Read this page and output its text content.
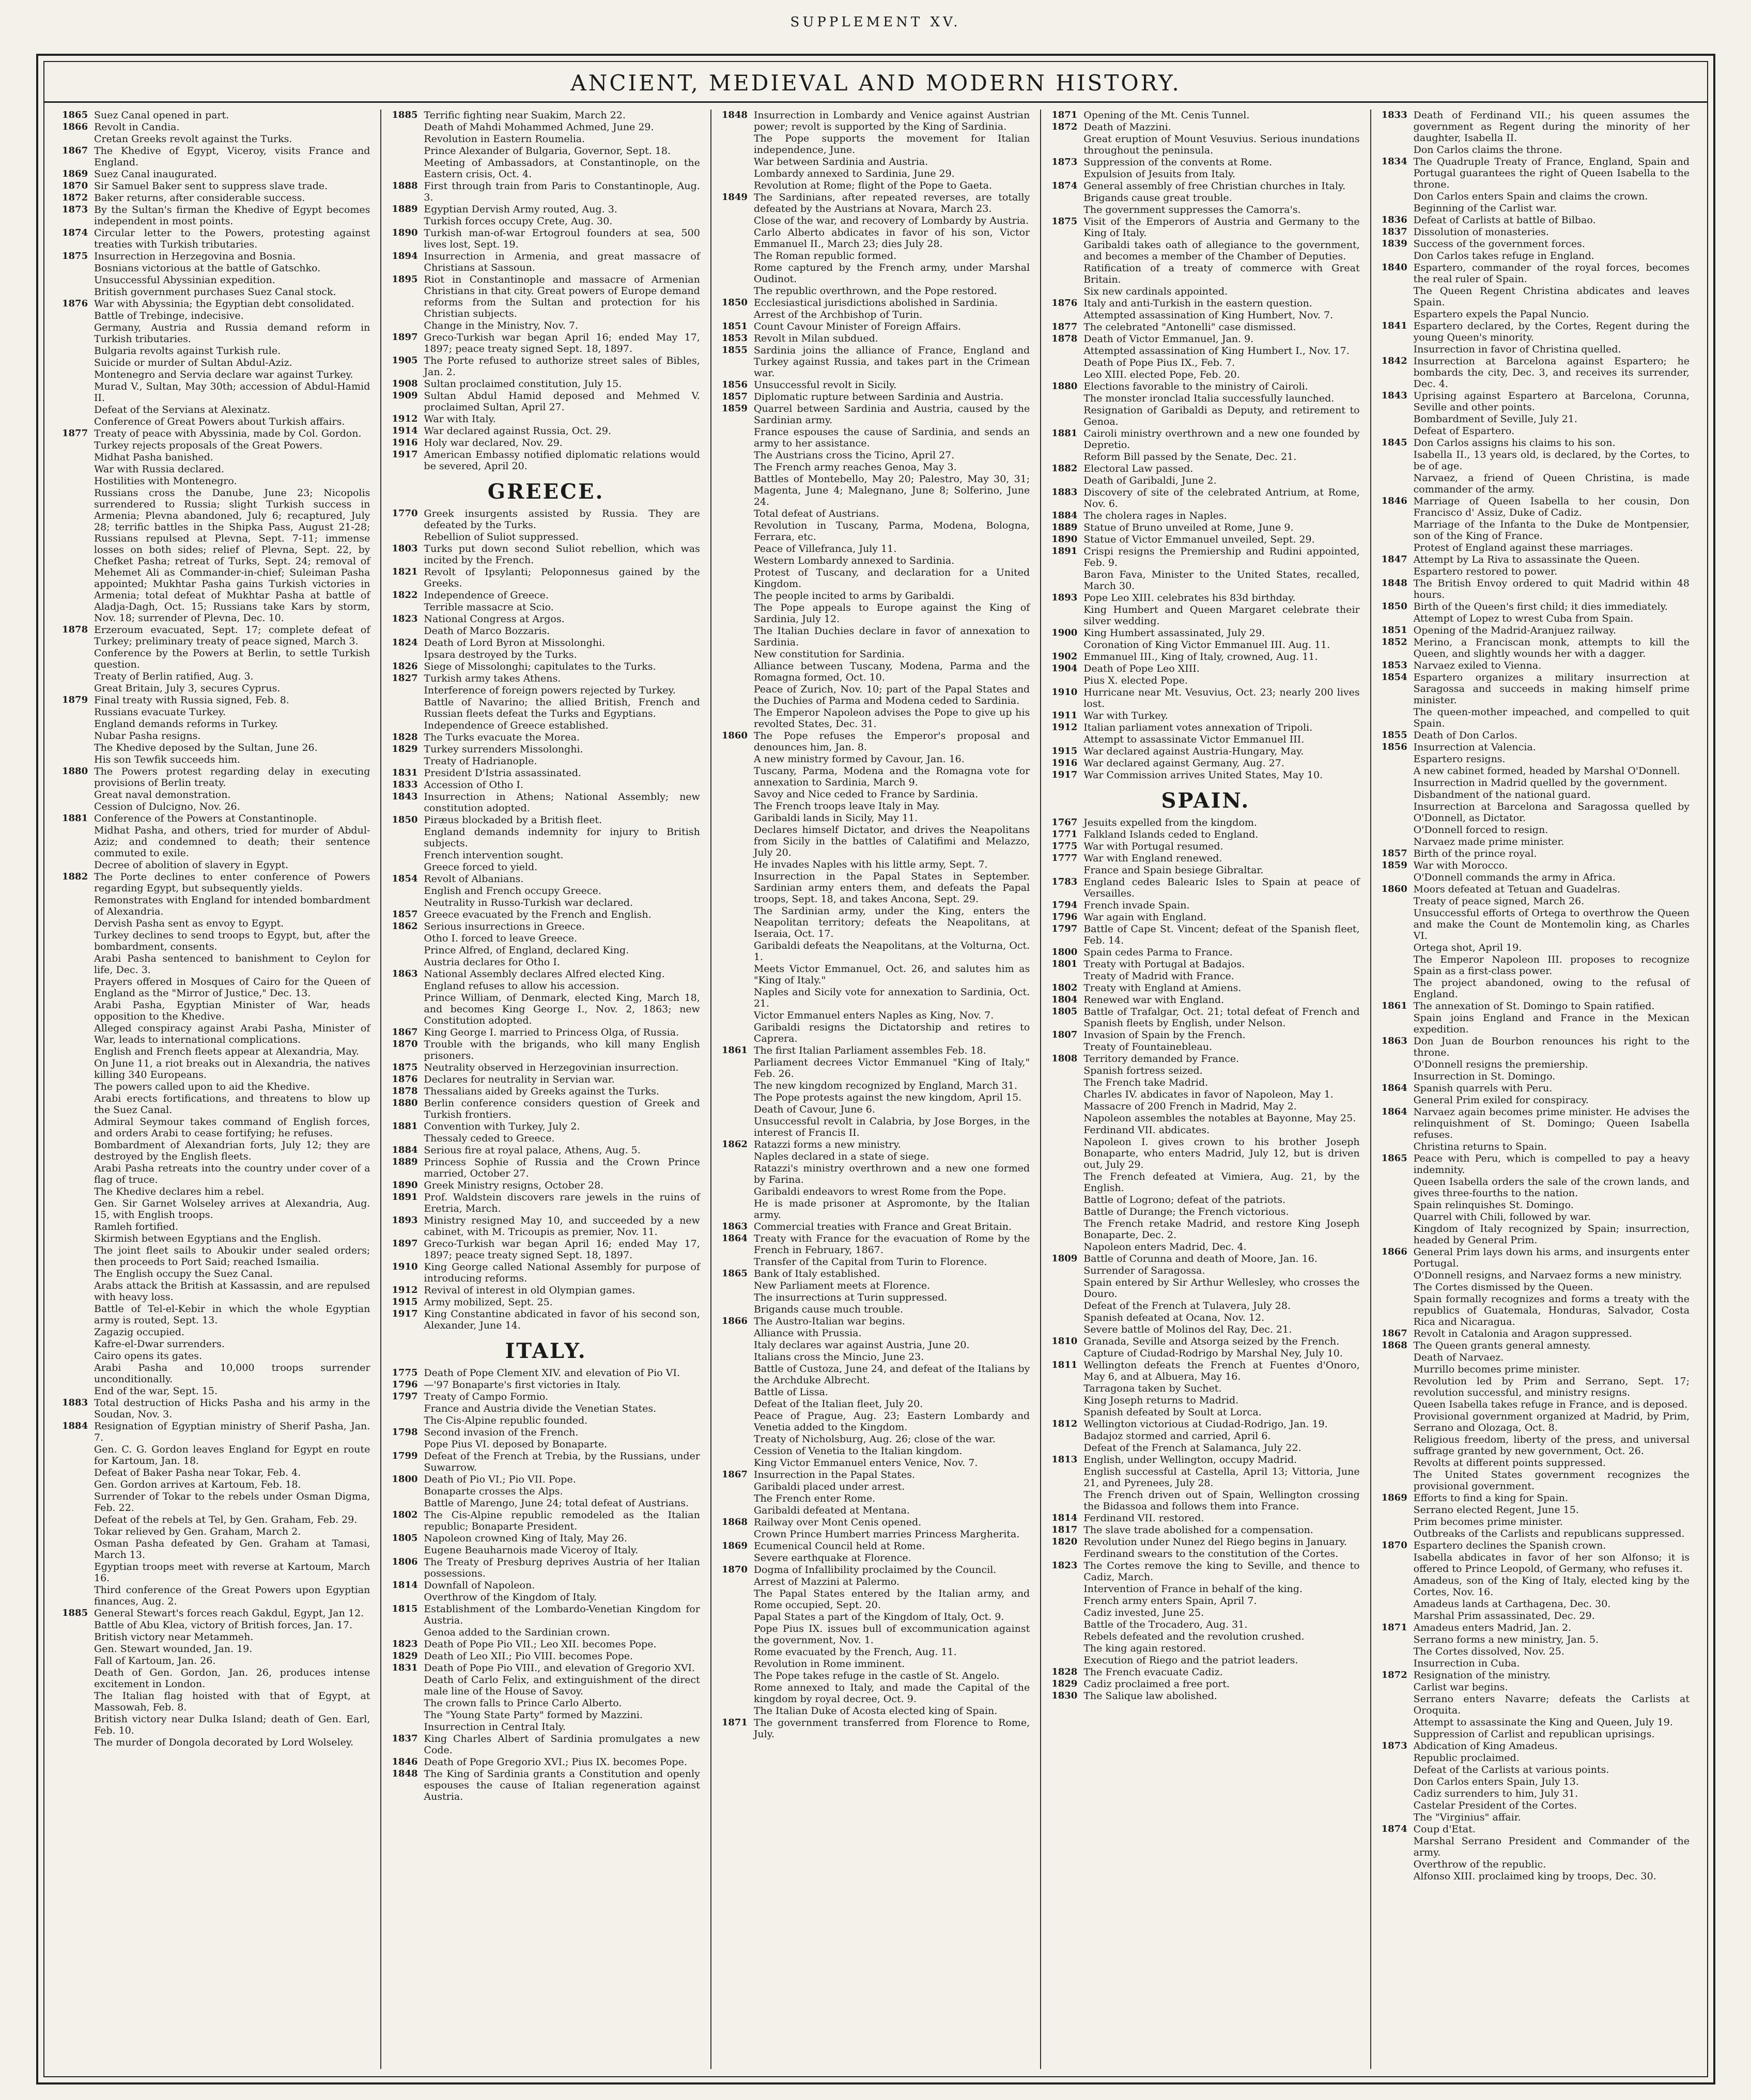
SUPPLEMENT XV.
ANCIENT, MEDIEVAL AND MODERN HISTORY.
1865 Suez Canal opened in part.
1866 Revolt in Candia.
Cretan Greeks revolt against the Turks.
1867 The Khedive of Egypt, Viceroy, visits France and England.
1869 Suez Canal inaugurated.
1870 Sir Samuel Baker sent to suppress slave trade.
1872 Baker returns, after considerable success.
1873 By the Sultan's firman the Khedive of Egypt becomes independent in most points.
1874 Circular letter to the Powers, protesting against treaties with Turkish tributaries.
1875 Insurrection in Herzegovina and Bosnia.
Bosnians victorious at the battle of Gatschko.
Unsuccessful Abyssinian expedition.
British government purchases Suez Canal stock.
1876 War with Abyssinia; the Egyptian debt consolidated.
Battle of Trebinge, indecisive.
Germany, Austria and Russia demand reform in Turkish tributaries.
Bulgaria revolts against Turkish rule.
Suicide or murder of Sultan Abdul-Aziz.
Montenegro and Servia declare war against Turkey.
Murad V., Sultan, May 30th; accession of Abdul-Hamid II.
Defeat of the Servians at Alexinatz.
Conference of Great Powers about Turkish affairs.
1877 Treaty of peace with Abyssinia, made by Col. Gordon.
Turkey rejects proposals of the Great Powers.
Midhat Pasha banished.
War with Russia declared.
Hostilities with Montenegro.
Russians cross the Danube, June 23; Nicopolis surrendered to Russia; slight Turkish success in Armenia; Plevna abandoned, July 6; recaptured, July 28; terrific battles in the Shipka Pass, August 21-28; Russians repulsed at Plevna, Sept. 7-11; immense losses on both sides; relief of Plevna, Sept. 22, by Chefket Pasha; retreat of Turks, Sept. 24; removal of Mehemet Ali as Commander-in-chief; Suleiman Pasha appointed; Mukhtar Pasha gains Turkish victories in Armenia; total defeat of Mukhtar Pasha at battle of Aladja-Dagh, Oct. 15; Russians take Kars by storm, Nov. 18; surrender of Plevna, Dec. 10.
1878 Erzeroum evacuated, Sept. 17; complete defeat of Turkey; preliminary treaty of peace signed, March 3.
Conference by the Powers at Berlin, to settle Turkish question.
Treaty of Berlin ratified, Aug. 3.
Great Britain, July 3, secures Cyprus.
1879 Final treaty with Russia signed, Feb. 8.
Russians evacuate Turkey.
England demands reforms in Turkey.
Nubar Pasha resigns.
The Khedive deposed by the Sultan, June 26.
His son Tewfik succeeds him.
1880 The Powers protest regarding delay in executing provisions of Berlin treaty.
Great naval demonstration.
Cession of Dulcigno, Nov. 26.
1881 Conference of the Powers at Constantinople.
Midhat Pasha, and others, tried for murder of Abdul-Aziz; and condemned to death; their sentence commuted to exile.
Decree of abolition of slavery in Egypt.
1882 The Porte declines to enter conference of Powers regarding Egypt, but subsequently yields.
Remonstrates with England for intended bombardment of Alexandria.
Dervish Pasha sent as envoy to Egypt.
Turkey declines to send troops to Egypt, but, after the bombardment, consents.
Arabi Pasha sentenced to banishment to Ceylon for life, Dec. 3.
Prayers offered in Mosques of Cairo for the Queen of England as the "Mirror of Justice," Dec. 13.
Arabi Pasha, Egyptian Minister of War, heads opposition to the Khedive.
Alleged conspiracy against Arabi Pasha, Minister of War, leads to international complications.
English and French fleets appear at Alexandria, May.
On June 11, a riot breaks out in Alexandria, the natives killing 340 Europeans.
The powers called upon to aid the Khedive.
Arabi erects fortifications, and threatens to blow up the Suez Canal.
Admiral Seymour takes command of English forces, and orders Arabi to cease fortifying; he refuses.
Bombardment of Alexandrian forts, July 12; they are destroyed by the English fleets.
Arabi Pasha retreats into the country under cover of a flag of truce.
The Khedive declares him a rebel.
Gen. Sir Garnet Wolseley arrives at Alexandria, Aug. 15, with English troops.
Ramleh fortified.
Skirmish between Egyptians and the English.
The joint fleet sails to Aboukir under sealed orders; then proceeds to Port Said; reached Ismailia.
The English occupy the Suez Canal.
Arabs attack the British at Kassassin, and are repulsed with heavy loss.
Battle of Tel-el-Kebir in which the whole Egyptian army is routed, Sept. 13.
Zagazig occupied.
Kafre-el-Dwar surrenders.
Cairo opens its gates.
Arabi Pasha and 10,000 troops surrender unconditionally.
End of the war, Sept. 15.
1883 Total destruction of Hicks Pasha and his army in the Soudan, Nov. 3.
1884 Resignation of Egyptian ministry of Sherif Pasha, Jan. 7.
Gen. C. G. Gordon leaves England for Egypt en route for Kartoum, Jan. 18.
Defeat of Baker Pasha near Tokar, Feb. 4.
Gen. Gordon arrives at Kartoum, Feb. 18.
Surrender of Tokar to the rebels under Osman Digma, Feb. 22.
Defeat of the rebels at Tel, by Gen. Graham, Feb. 29.
Tokar relieved by Gen. Graham, March 2.
Osman Pasha defeated by Gen. Graham at Tamasi, March 13.
Egyptian troops meet with reverse at Kartoum, March 16.
Third conference of the Great Powers upon Egyptian finances, Aug. 2.
1885 General Stewart's forces reach Gakdul, Egypt, Jan 12.
Battle of Abu Klea, victory of British forces, Jan. 17.
British victory near Metammeh.
Gen. Stewart wounded, Jan. 19.
Fall of Kartoum, Jan. 26.
Death of Gen. Gordon, Jan. 26, produces intense excitement in London.
The Italian flag hoisted with that of Egypt, at Massowah, Feb. 8.
British victory near Dulka Island; death of Gen. Earl, Feb. 10.
The murder of Dongola decorated by Lord Wolseley.
1885 Terrific fighting near Suakim, March 22.
Death of Mahdi Mohammed Achmed, June 29.
Revolution in Eastern Roumelia.
Prince Alexander of Bulgaria, Governor, Sept. 18.
Meeting of Ambassadors, at Constantinople, on the Eastern crisis, Oct. 4.
1888 First through train from Paris to Constantinople, Aug. 3.
1889 Egyptian Dervish Army routed, Aug. 3.
Turkish forces occupy Crete, Aug. 30.
1890 Turkish man-of-war Ertogroul founders at sea, 500 lives lost, Sept. 19.
1894 Insurrection in Armenia, and great massacre of Christians at Sassoun.
1895 Riot in Constantinople and massacre of Armenian Christians in that city. Great powers of Europe demand reforms from the Sultan and protection for his Christian subjects.
Change in the Ministry, Nov. 7.
1897 Greco-Turkish war began April 16; ended May 17, 1897; peace treaty signed Sept. 18, 1897.
1905 The Porte refused to authorize street sales of Bibles, Jan. 2.
1908 Sultan proclaimed constitution, July 15.
1909 Sultan Abdul Hamid deposed and Mehmed V. proclaimed Sultan, April 27.
1912 War with Italy.
1914 War declared against Russia, Oct. 29.
1916 Holy war declared, Nov. 29.
1917 American Embassy notified diplomatic relations would be severed, April 20.
GREECE.
1770 Greek insurgents assisted by Russia. They are defeated by the Turks.
Rebellion of Suliot suppressed.
1803 Turks put down second Suliot rebellion, which was incited by the French.
1821 Revolt of Ipsylanti; Peloponnesus gained by the Greeks.
1822 Independence of Greece.
Terrible massacre at Scio.
1823 National Congress at Argos.
Death of Marco Bozzaris.
1824 Death of Lord Byron at Missolonghi.
Ipsara destroyed by the Turks.
1826 Siege of Missolonghi; capitulates to the Turks.
1827 Turkish army takes Athens.
Interference of foreign powers rejected by Turkey.
Battle of Navarino; the allied British, French and Russian fleets defeat the Turks and Egyptians.
Independence of Greece established.
1828 The Turks evacuate the Morea.
1829 Turkey surrenders Missolonghi.
Treaty of Hadrianople.
1831 President D'Istria assassinated.
1833 Accession of Otho I.
1843 Insurrection in Athens; National Assembly; new constitution adopted.
1850 Piræus blockaded by a British fleet.
England demands indemnity for injury to British subjects.
French intervention sought.
Greece forced to yield.
1854 Revolt of Albanians.
English and French occupy Greece.
Neutrality in Russo-Turkish war declared.
1857 Greece evacuated by the French and English.
1862 Serious insurrections in Greece.
Otho I. forced to leave Greece.
Prince Alfred, of England, declared King.
Austria declares for Otho I.
1863 National Assembly declares Alfred elected King.
England refuses to allow his accession.
Prince William, of Denmark, elected King, March 18, and becomes King George I., Nov. 2, 1863; new Constitution adopted.
1867 King George I. married to Princess Olga, of Russia.
1870 Trouble with the brigands, who kill many English prisoners.
1875 Neutrality observed in Herzegovinian insurrection.
1876 Declares for neutrality in Servian war.
1878 Thessalians aided by Greeks against the Turks.
1880 Berlin conference considers question of Greek and Turkish frontiers.
1881 Convention with Turkey, July 2.
Thessaly ceded to Greece.
1884 Serious fire at royal palace, Athens, Aug. 5.
1889 Princess Sophie of Russia and the Crown Prince married, October 27.
1890 Greek Ministry resigns, October 28.
1891 Prof. Waldstein discovers rare jewels in the ruins of Eretria, March.
1893 Ministry resigned May 10, and succeeded by a new cabinet, with M. Tricoupis as premier, Nov. 11.
1897 Greco-Turkish war began April 16; ended May 17, 1897; peace treaty signed Sept. 18, 1897.
1910 King George called National Assembly for purpose of introducing reforms.
1912 Revival of interest in old Olympian games.
1915 Army mobilized, Sept. 25.
1917 King Constantine abdicated in favor of his second son, Alexander, June 14.
ITALY.
1775 Death of Pope Clement XIV. and elevation of Pio VI.
1796 —'97 Bonaparte's first victories in Italy.
1797 Treaty of Campo Formio.
France and Austria divide the Venetian States.
The Cis-Alpine republic founded.
1798 Second invasion of the French.
Pope Pius VI. deposed by Bonaparte.
1799 Defeat of the French at Trebia, by the Russians, under Suwarrow.
1800 Death of Pio VI.; Pio VII. Pope.
Bonaparte crosses the Alps.
Battle of Marengo, June 24; total defeat of Austrians.
1802 The Cis-Alpine republic remodeled as the Italian republic; Bonaparte President.
1805 Napoleon crowned King of Italy, May 26.
Eugene Beauharnois made Viceroy of Italy.
1806 The Treaty of Presburg deprives Austria of her Italian possessions.
1814 Downfall of Napoleon.
Overthrow of the Kingdom of Italy.
1815 Establishment of the Lombardo-Venetian Kingdom for Austria.
Genoa added to the Sardinian crown.
1823 Death of Pope Pio VII.; Leo XII. becomes Pope.
1829 Death of Leo XII.; Pio VIII. becomes Pope.
1831 Death of Pope Pio VIII., and elevation of Gregorio XVI.
Death of Carlo Felix, and extinguishment of the direct male line of the House of Savoy.
The crown falls to Prince Carlo Alberto.
The "Young State Party" formed by Mazzini.
Insurrection in Central Italy.
1837 King Charles Albert of Sardinia promulgates a new Code.
1846 Death of Pope Gregorio XVI.; Pius IX. becomes Pope.
1848 The King of Sardinia grants a Constitution and openly espouses the cause of Italian regeneration against Austria.
1848 Insurrection in Lombardy and Venice against Austrian power; revolt is supported by the King of Sardinia.
The Pope supports the movement for Italian independence, June.
War between Sardinia and Austria.
Lombardy annexed to Sardinia, June 29.
Revolution at Rome; flight of the Pope to Gaeta.
1849 The Sardinians, after repeated reverses, are totally defeated by the Austrians at Novara, March 23.
Close of the war, and recovery of Lombardy by Austria.
Carlo Alberto abdicates in favor of his son, Victor Emmanuel II., March 23; dies July 28.
The Roman republic formed.
Rome captured by the French army, under Marshal Oudinot.
The republic overthrown, and the Pope restored.
1850 Ecclesiastical jurisdictions abolished in Sardinia.
Arrest of the Archbishop of Turin.
1851 Count Cavour Minister of Foreign Affairs.
1853 Revolt in Milan subdued.
1855 Sardinia joins the alliance of France, England and Turkey against Russia, and takes part in the Crimean war.
1856 Unsuccessful revolt in Sicily.
1857 Diplomatic rupture between Sardinia and Austria.
1859 Quarrel between Sardinia and Austria, caused by the Sardinian army.
France espouses the cause of Sardinia, and sends an army to her assistance.
The Austrians cross the Ticino, April 27.
The French army reaches Genoa, May 3.
Battles of Montebello, May 20; Palestro, May 30, 31; Magenta, June 4; Malegnano, June 8; Solferino, June 24.
Total defeat of Austrians.
Revolution in Tuscany, Parma, Modena, Bologna, Ferrara, etc.
Peace of Villefranca, July 11.
Western Lombardy annexed to Sardinia.
Protest of Tuscany, and declaration for a United Kingdom.
The people incited to arms by Garibaldi.
The Pope appeals to Europe against the King of Sardinia, July 12.
The Italian Duchies declare in favor of annexation to Sardinia.
New constitution for Sardinia.
Alliance between Tuscany, Modena, Parma and the Romagna formed, Oct. 10.
Peace of Zurich, Nov. 10; part of the Papal States and the Duchies of Parma and Modena ceded to Sardinia.
The Emperor Napoleon advises the Pope to give up his revolted States, Dec. 31.
1860 The Pope refuses the Emperor's proposal and denounces him, Jan. 8.
A new ministry formed by Cavour, Jan. 16.
Tuscany, Parma, Modena and the Romagna vote for annexation to Sardinia, March 9.
Savoy and Nice ceded to France by Sardinia.
The French troops leave Italy in May.
Garibaldi lands in Sicily, May 11.
Declares himself Dictator, and drives the Neapolitans from Sicily in the battles of Calatifimi and Melazzo, July 20.
He invades Naples with his little army, Sept. 7.
Insurrection in the Papal States in September. Sardinian army enters them, and defeats the Papal troops, Sept. 18, and takes Ancona, Sept. 29.
The Sardinian army, under the King, enters the Neapolitan territory; defeats the Neapolitans, at Iseraia, Oct. 17.
Garibaldi defeats the Neapolitans, at the Volturna, Oct. 1.
Meets Victor Emmanuel, Oct. 26, and salutes him as "King of Italy."
Naples and Sicily vote for annexation to Sardinia, Oct. 21.
Victor Emmanuel enters Naples as King, Nov. 7.
Garibaldi resigns the Dictatorship and retires to Caprera.
1861 The first Italian Parliament assembles Feb. 18.
Parliament decrees Victor Emmanuel "King of Italy," Feb. 26.
The new kingdom recognized by England, March 31.
The Pope protests against the new kingdom, April 15.
Death of Cavour, June 6.
Unsuccessful revolt in Calabria, by Jose Borges, in the interest of Francis II.
1862 Ratazzi forms a new ministry.
Naples declared in a state of siege.
Ratazzi's ministry overthrown and a new one formed by Farina.
Garibaldi endeavors to wrest Rome from the Pope.
He is made prisoner at Aspromonte, by the Italian army.
1863 Commercial treaties with France and Great Britain.
1864 Treaty with France for the evacuation of Rome by the French in February, 1867.
Transfer of the Capital from Turin to Florence.
1865 Bank of Italy established.
New Parliament meets at Florence.
The insurrections at Turin suppressed.
Brigands cause much trouble.
1866 The Austro-Italian war begins.
Alliance with Prussia.
Italy declares war against Austria, June 20.
Italians cross the Mincio, June 23.
Battle of Custoza, June 24, and defeat of the Italians by the Archduke Albrecht.
Battle of Lissa.
Defeat of the Italian fleet, July 20.
Peace of Prague, Aug. 23; Eastern Lombardy and Venetia added to the Kingdom.
Treaty of Nicholsburg, Aug. 26; close of the war.
Cession of Venetia to the Italian kingdom.
King Victor Emmanuel enters Venice, Nov. 7.
1867 Insurrection in the Papal States.
Garibaldi placed under arrest.
The French enter Rome.
Garibaldi defeated at Mentana.
1868 Railway over Mont Cenis opened.
Crown Prince Humbert marries Princess Margherita.
1869 Ecumenical Council held at Rome.
Severe earthquake at Florence.
1870 Dogma of Infallibility proclaimed by the Council.
Arrest of Mazzini at Palermo.
The Papal States entered by the Italian army, and Rome occupied, Sept. 20.
Papal States a part of the Kingdom of Italy, Oct. 9.
Pope Pius IX. issues bull of excommunication against the government, Nov. 1.
Rome evacuated by the French, Aug. 11.
Revolution in Rome imminent.
The Pope takes refuge in the castle of St. Angelo.
Rome annexed to Italy, and made the Capital of the kingdom by royal decree, Oct. 9.
The Italian Duke of Acosta elected king of Spain.
1871 The government transferred from Florence to Rome, July.
1871 Opening of the Mt. Cenis Tunnel.
1872 Death of Mazzini.
Great eruption of Mount Vesuvius. Serious inundations throughout the peninsula.
1873 Suppression of the convents at Rome.
Expulsion of Jesuits from Italy.
1874 General assembly of free Christian churches in Italy.
Brigands cause great trouble.
The government suppresses the Camorra's.
1875 Visit of the Emperors of Austria and Germany to the King of Italy.
Garibaldi takes oath of allegiance to the government, and becomes a member of the Chamber of Deputies.
Ratification of a treaty of commerce with Great Britain.
Six new cardinals appointed.
1876 Italy and anti-Turkish in the eastern question.
Attempted assassination of King Humbert, Nov. 7.
1877 The celebrated "Antonelli" case dismissed.
1878 Death of Victor Emmanuel, Jan. 9.
Attempted assassination of King Humbert I., Nov. 17.
Death of Pope Pius IX., Feb. 7.
Leo XIII. elected Pope, Feb. 20.
1880 Elections favorable to the ministry of Cairoli.
The monster ironclad Italia successfully launched.
Resignation of Garibaldi as Deputy, and retirement to Genoa.
1881 Cairoli ministry overthrown and a new one founded by Depretio.
Reform Bill passed by the Senate, Dec. 21.
1882 Electoral Law passed.
Death of Garibaldi, June 2.
1883 Discovery of site of the celebrated Antrium, at Rome, Nov. 6.
1884 The cholera rages in Naples.
1889 Statue of Bruno unveiled at Rome, June 9.
1890 Statue of Victor Emmanuel unveiled, Sept. 29.
1891 Crispi resigns the Premiership and Rudini appointed, Feb. 9.
Baron Fava, Minister to the United States, recalled, March 30.
1893 Pope Leo XIII. celebrates his 83d birthday.
King Humbert and Queen Margaret celebrate their silver wedding.
1900 King Humbert assassinated, July 29.
Coronation of King Victor Emmanuel III. Aug. 11.
1902 Emmanuel III., King of Italy, crowned, Aug. 11.
1904 Death of Pope Leo XIII.
Pius X. elected Pope.
1910 Hurricane near Mt. Vesuvius, Oct. 23; nearly 200 lives lost.
1911 War with Turkey.
1912 Italian parliament votes annexation of Tripoli.
Attempt to assassinate Victor Emmanuel III.
1915 War declared against Austria-Hungary, May.
1916 War declared against Germany, Aug. 27.
1917 War Commission arrives United States, May 10.
SPAIN.
1767 Jesuits expelled from the kingdom.
1771 Falkland Islands ceded to England.
1775 War with Portugal resumed.
1777 War with England renewed.
France and Spain besiege Gibraltar.
1783 England cedes Balearic Isles to Spain at peace of Versailles.
1794 French invade Spain.
1796 War again with England.
1797 Battle of Cape St. Vincent; defeat of the Spanish fleet, Feb. 14.
1800 Spain cedes Parma to France.
1801 Treaty with Portugal at Badajos.
Treaty of Madrid with France.
1802 Treaty with England at Amiens.
1804 Renewed war with England.
1805 Battle of Trafalgar, Oct. 21; total defeat of French and Spanish fleets by English, under Nelson.
1807 Invasion of Spain by the French.
Treaty of Fountainebleau.
1808 Territory demanded by France.
Spanish fortress seized.
The French take Madrid.
Charles IV. abdicates in favor of Napoleon, May 1.
Massacre of 200 French in Madrid, May 2.
Napoleon assembles the notables at Bayonne, May 25.
Ferdinand VII. abdicates.
Napoleon I. gives crown to his brother Joseph Bonaparte, who enters Madrid, July 12, but is driven out, July 29.
The French defeated at Vimiera, Aug. 21, by the English.
Battle of Logrono; defeat of the patriots.
Battle of Durange; the French victorious.
The French retake Madrid, and restore King Joseph Bonaparte, Dec. 2.
Napoleon enters Madrid, Dec. 4.
1809 Battle of Corunna and death of Moore, Jan. 16.
Surrender of Saragossa.
Spain entered by Sir Arthur Wellesley, who crosses the Douro.
Defeat of the French at Tulavera, July 28.
Spanish defeated at Ocana, Nov. 12.
Severe battle of Molinos del Ray, Dec. 21.
1810 Granada, Seville and Atsorga seized by the French.
Capture of Ciudad-Rodrigo by Marshal Ney, July 10.
1811 Wellington defeats the French at Fuentes d'Onoro, May 6, and at Albuera, May 16.
Tarragona taken by Suchet.
King Joseph returns to Madrid.
Spanish defeated by Soult at Lorca.
1812 Wellington victorious at Ciudad-Rodrigo, Jan. 19.
Badajoz stormed and carried, April 6.
Defeat of the French at Salamanca, July 22.
1813 English, under Wellington, occupy Madrid.
English successful at Castella, April 13; Vittoria, June 21, and Pyrenees, July 28.
The French driven out of Spain, Wellington crossing the Bidassoa and follows them into France.
1814 Ferdinand VII. restored.
1817 The slave trade abolished for a compensation.
1820 Revolution under Nunez del Riego begins in January.
Ferdinand swears to the constitution of the Cortes.
1823 The Cortes remove the king to Seville, and thence to Cadiz, March.
Intervention of France in behalf of the king.
French army enters Spain, April 7.
Cadiz invested, June 25.
Battle of the Trocadero, Aug. 31.
Rebels defeated and the revolution crushed.
The king again restored.
Execution of Riego and the patriot leaders.
1828 The French evacuate Cadiz.
1829 Cadiz proclaimed a free port.
1830 The Salique law abolished.
1833 Death of Ferdinand VII.; his queen assumes the government as Regent during the minority of her daughter, Isabella II.
Don Carlos claims the throne.
1834 The Quadruple Treaty of France, England, Spain and Portugal guarantees the right of Queen Isabella to the throne.
Don Carlos enters Spain and claims the crown.
Beginning of the Carlist war.
1836 Defeat of Carlists at battle of Bilbao.
1837 Dissolution of monasteries.
1839 Success of the government forces.
Don Carlos takes refuge in England.
1840 Espartero, commander of the royal forces, becomes the real ruler of Spain.
The Queen Regent Christina abdicates and leaves Spain.
Espartero expels the Papal Nuncio.
1841 Espartero declared, by the Cortes, Regent during the young Queen's minority.
Insurrection in favor of Christina quelled.
1842 Insurrection at Barcelona against Espartero; he bombards the city, Dec. 3, and receives its surrender, Dec. 4.
1843 Uprising against Espartero at Barcelona, Corunna, Seville and other points.
Bombardment of Seville, July 21.
Defeat of Espartero.
1845 Don Carlos assigns his claims to his son.
Isabella II., 13 years old, is declared, by the Cortes, to be of age.
Narvaez, a friend of Queen Christina, is made commander of the army.
1846 Marriage of Queen Isabella to her cousin, Don Francisco d' Assiz, Duke of Cadiz.
Marriage of the Infanta to the Duke de Montpensier, son of the King of France.
Protest of England against these marriages.
1847 Attempt by La Riva to assassinate the Queen.
Espartero restored to power.
1848 The British Envoy ordered to quit Madrid within 48 hours.
1850 Birth of the Queen's first child; it dies immediately.
Attempt of Lopez to wrest Cuba from Spain.
1851 Opening of the Madrid-Aranjuez railway.
1852 Merino, a Franciscan monk, attempts to kill the Queen, and slightly wounds her with a dagger.
1853 Narvaez exiled to Vienna.
1854 Espartero organizes a military insurrection at Saragossa and succeeds in making himself prime minister.
The queen-mother impeached, and compelled to quit Spain.
1855 Death of Don Carlos.
1856 Insurrection at Valencia.
Espartero resigns.
A new cabinet formed, headed by Marshal O'Donnell.
Insurrection in Madrid quelled by the government.
Disbandment of the national guard.
Insurrection at Barcelona and Saragossa quelled by O'Donnell, as Dictator.
O'Donnell forced to resign.
Narvaez made prime minister.
1857 Birth of the prince royal.
1859 War with Morocco.
O'Donnell commands the army in Africa.
1860 Moors defeated at Tetuan and Guadelras.
Treaty of peace signed, March 26.
Unsuccessful efforts of Ortega to overthrow the Queen and make the Count de Montemolin king, as Charles VI.
Ortega shot, April 19.
The Emperor Napoleon III. proposes to recognize Spain as a first-class power.
The project abandoned, owing to the refusal of England.
1861 The annexation of St. Domingo to Spain ratified.
Spain joins England and France in the Mexican expedition.
1863 Don Juan de Bourbon renounces his right to the throne.
O'Donnell resigns the premiership.
Insurrection in St. Domingo.
1864 Spanish quarrels with Peru.
General Prim exiled for conspiracy.
1864 Narvaez again becomes prime minister. He advises the relinquishment of St. Domingo; Queen Isabella refuses.
Christina returns to Spain.
1865 Peace with Peru, which is compelled to pay a heavy indemnity.
Queen Isabella orders the sale of the crown lands, and gives three-fourths to the nation.
Spain relinquishes St. Domingo.
Quarrel with Chili, followed by war.
Kingdom of Italy recognized by Spain; insurrection, headed by General Prim.
1866 General Prim lays down his arms, and insurgents enter Portugal.
O'Donnell resigns, and Narvaez forms a new ministry.
The Cortes dismissed by the Queen.
Spain formally recognizes and forms a treaty with the republics of Guatemala, Honduras, Salvador, Costa Rica and Nicaragua.
1867 Revolt in Catalonia and Aragon suppressed.
1868 The Queen grants general amnesty.
Death of Narvaez.
Murrillo becomes prime minister.
Revolution led by Prim and Serrano, Sept. 17; revolution successful, and ministry resigns.
Queen Isabella takes refuge in France, and is deposed.
Provisional government organized at Madrid, by Prim, Serrano and Olozaga, Oct. 8.
Religious freedom, liberty of the press, and universal suffrage granted by new government, Oct. 26.
Revolts at different points suppressed.
The United States government recognizes the provisional government.
1869 Efforts to find a king for Spain.
Serrano elected Regent, June 15.
Prim becomes prime minister.
Outbreaks of the Carlists and republicans suppressed.
1870 Espartero declines the Spanish crown.
Isabella abdicates in favor of her son Alfonso; it is offered to Prince Leopold, of Germany, who refuses it.
Amadeus, son of the King of Italy, elected king by the Cortes, Nov. 16.
Amadeus lands at Carthagena, Dec. 30.
Marshal Prim assassinated, Dec. 29.
1871 Amadeus enters Madrid, Jan. 2.
Serrano forms a new ministry, Jan. 5.
The Cortes dissolved, Nov. 25.
Insurrection in Cuba.
1872 Resignation of the ministry.
Carlist war begins.
Serrano enters Navarre; defeats the Carlists at Oroquita.
Attempt to assassinate the King and Queen, July 19.
Suppression of Carlist and republican uprisings.
1873 Abdication of King Amadeus.
Republic proclaimed.
Defeat of the Carlists at various points.
Don Carlos enters Spain, July 13.
Cadiz surrenders to him, July 31.
Castelar President of the Cortes.
The "Virginius" affair.
1874 Coup d'Etat.
Marshal Serrano President and Commander of the army.
Overthrow of the republic.
Alfonso XIII. proclaimed king by troops, Dec. 30.
